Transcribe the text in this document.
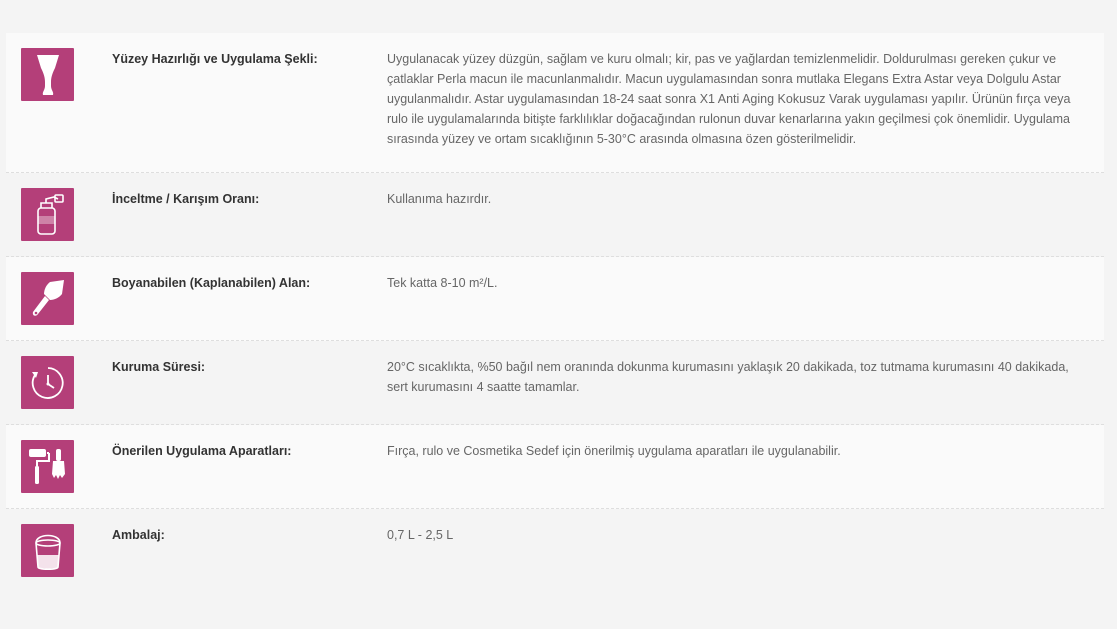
Yüzey Hazırlığı ve Uygulama Şekli:	Uygulanacak yüzey düzgün, sağlam ve kuru olmalı; kir, pas ve yağlardan temizlenmelidir. Doldurulması gereken çukur ve çatlaklar Perla macun ile macunlanmalıdır. Macun uygulamasından sonra mutlaka Elegans Extra Astar veya Dolgulu Astar uygulanmalıdır. Astar uygulamasından 18-24 saat sonra X1 Anti Aging Kokusuz Varak uygulaması yapılır. Ürünün fırça veya rulo ile uygulamalarında bitişte farklılıklar doğacağından rulonun duvar kenarlarına yakın geçilmesi çok önemlidir. Uygulama sırasında yüzey ve ortam sıcaklığının 5-30°C arasında olmasına özen gösterilmelidir.
İnceltme / Karışım Oranı:	Kullanıma hazırdır.
Boyanabilen (Kaplanabilen) Alan:	Tek katta 8-10 m²/L.
Kuruma Süresi:	20°C sıcaklıkta, %50 bağıl nem oranında dokunma kurumasını yaklaşık 20 dakikada, toz tutmama kurumasını 40 dakikada, sert kurumasını 4 saatte tamamlar.
Önerilen Uygulama Aparatları:	Fırça, rulo ve Cosmetika Sedef için önerilmiş uygulama aparatları ile uygulanabilir.
Ambalaj:	0,7 L - 2,5 L
